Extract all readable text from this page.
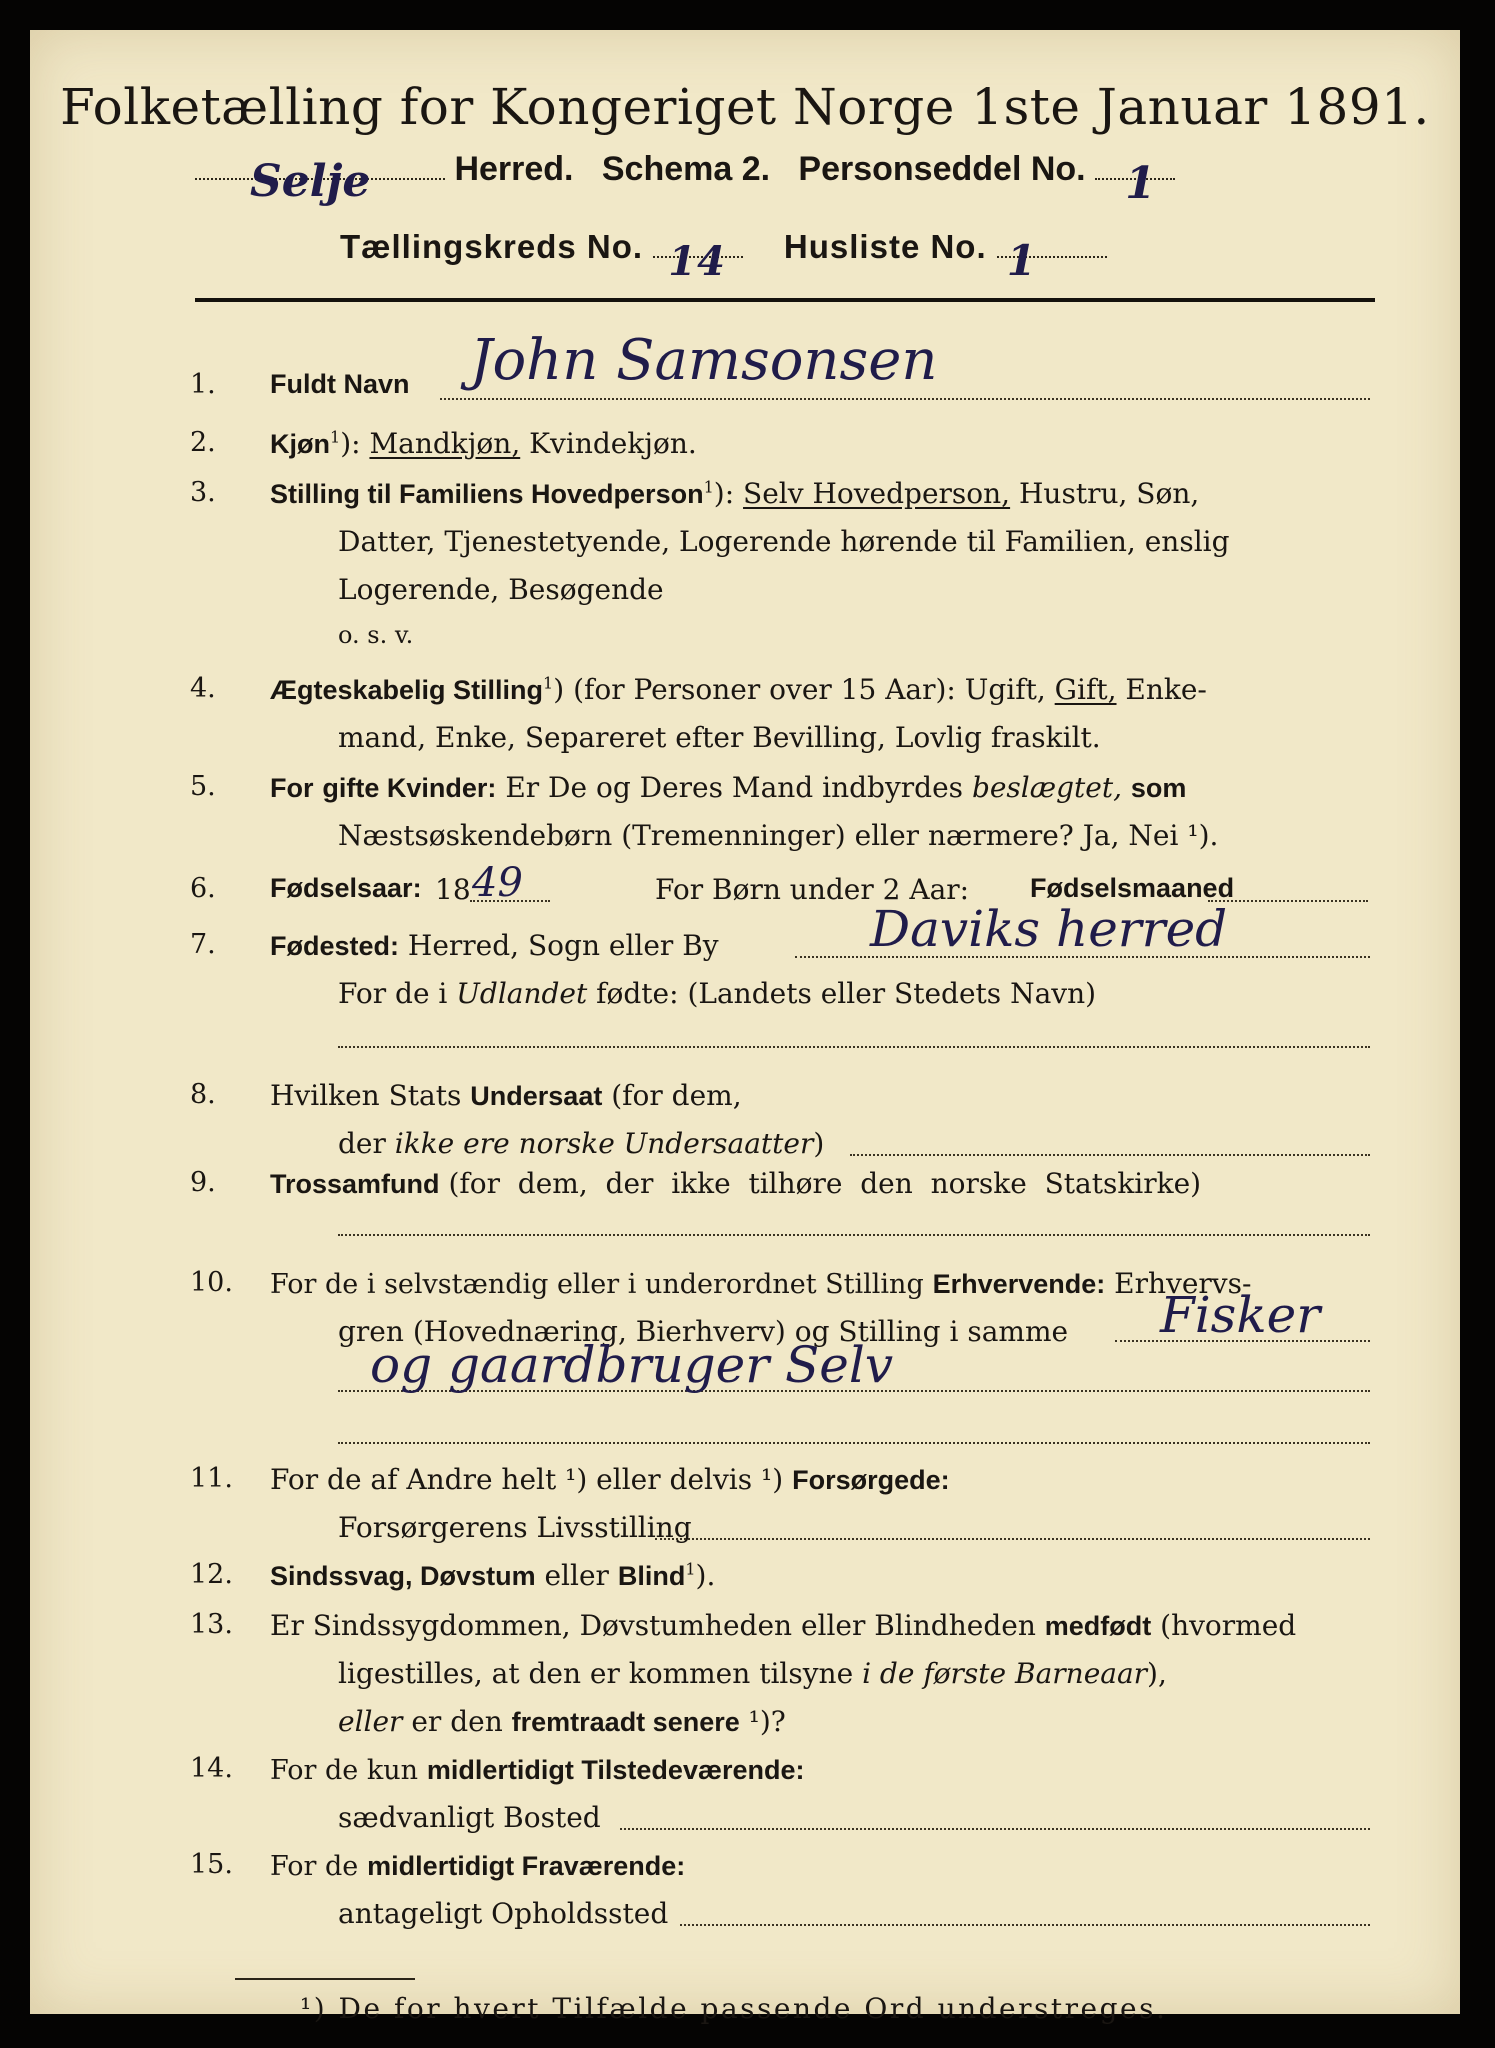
Folketælling for Kongeriget Norge 1ste Januar 1891.
Selje Herred. Schema 2. Personseddel No. 1
Tællingskreds No. 14 Husliste No. 1
1.	Fuldt Navn John Samsonsen
2.	Kjøn$^1$): Mandkjøn, Kvindekjøn.
3.	Stilling til Familiens Hovedperson$^1$): Selv Hovedperson, Hustru, Søn,
Datter, Tjenestetyende, Logerende hørende til Familien, enslig
Logerende, Besøgende
o. s. v.
4.	Ægteskabelig Stilling$^1$) (for Personer over 15 Aar): Ugift, Gift, Enke-
mand, Enke, Separeret efter Bevilling, Lovlig fraskilt.
5.	For gifte Kvinder: Er De og Deres Mand indbyrdes beslægtet, som
Næstsøskendebørn (Tremenninger) eller nærmere? Ja, Nei ¹).
6.	Fødselsaar: 18 49	For Børn under 2 Aar: Fødselsmaaned
7.	Fødested: Herred, Sogn eller By	Daviks herred
For de i Udlandet fødte: (Landets eller Stedets Navn)
8.	Hvilken Stats Undersaat (for dem,
der ikke ere norske Undersaatter)
9.	Trossamfund (for  dem,  der  ikke  tilhøre  den  norske  Statskirke)
10.	For de i selvstændig eller i underordnet Stilling Erhvervende: Erhvervs-
gren (Hovednæring, Bierhverv) og Stilling i samme Fisker
og gaardbruger Selv
11.	For de af Andre helt ¹) eller delvis ¹) Forsørgede:
Forsørgerens Livsstilling
12.	Sindssvag, Døvstum eller Blind$^1$).
13.	Er Sindssygdommen, Døvstumheden eller Blindheden medfødt (hvormed
ligestilles, at den er kommen tilsyne i de første Barneaar),
eller er den fremtraadt senere ¹)?
14.	For de kun midlertidigt Tilstedeværende:
sædvanligt Bosted
15.	For de midlertidigt Fraværende:
antageligt Opholdssted
¹) De for hvert Tilfælde passende Ord understreges.
